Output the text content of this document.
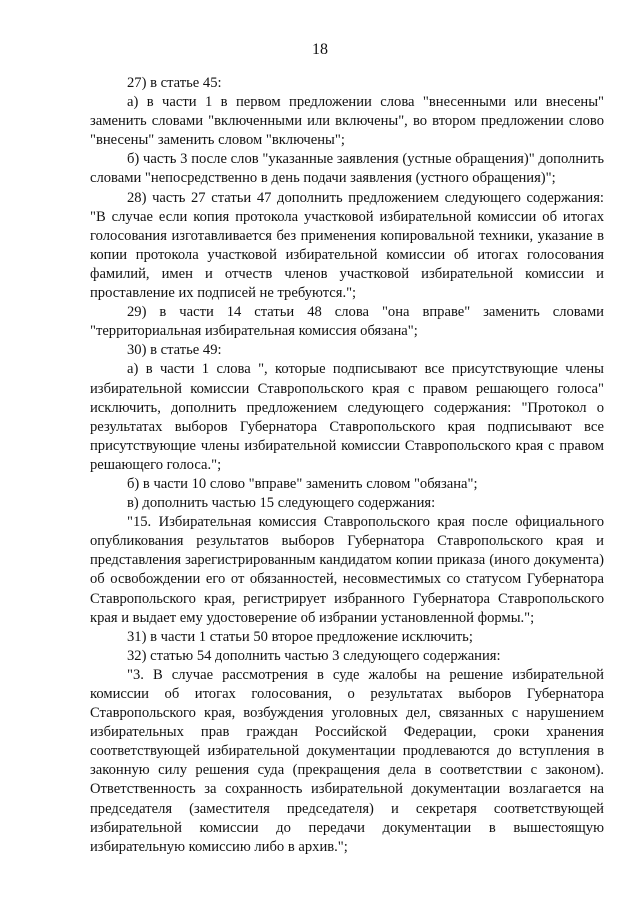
18

27) в статье 45:

а) в части 1 в первом предложении слова "внесенными или внесены" заменить словами "включенными или включены", во втором предложении слово "внесены" заменить словом "включены";

б) часть 3 после слов "указанные заявления (устные обращения)" дополнить словами "непосредственно в день подачи заявления (устного обращения)";

28) часть 27 статьи 47 дополнить предложением следующего содержания: "В случае если копия протокола участковой избирательной комиссии об итогах голосования изготавливается без применения копировальной техники, указание в копии протокола участковой избирательной комиссии об итогах голосования фамилий, имен и отчеств членов участковой избирательной комиссии и проставление их подписей не требуются.";

29) в части 14 статьи 48 слова "она вправе" заменить словами "территориальная избирательная комиссия обязана";

30) в статье 49:

а) в части 1 слова ", которые подписывают все присутствующие члены избирательной комиссии Ставропольского края с правом решающего голоса" исключить, дополнить предложением следующего содержания: "Протокол о результатах выборов Губернатора Ставропольского края подписывают все присутствующие члены избирательной комиссии Ставропольского края с правом решающего голоса.";

б) в части 10 слово "вправе" заменить словом "обязана";

в) дополнить частью 15 следующего содержания:

"15. Избирательная комиссия Ставропольского края после официального опубликования результатов выборов Губернатора Ставропольского края и представления зарегистрированным кандидатом копии приказа (иного документа) об освобождении его от обязанностей, несовместимых со статусом Губернатора Ставропольского края, регистрирует избранного Губернатора Ставропольского края и выдает ему удостоверение об избрании установленной формы.";

31) в части 1 статьи 50 второе предложение исключить;

32) статью 54 дополнить частью 3 следующего содержания:

"3. В случае рассмотрения в суде жалобы на решение избирательной комиссии об итогах голосования, о результатах выборов Губернатора Ставропольского края, возбуждения уголовных дел, связанных с нарушением избирательных прав граждан Российской Федерации, сроки хранения соответствующей избирательной документации продлеваются до вступления в законную силу решения суда (прекращения дела в соответствии с законом). Ответственность за сохранность избирательной документации возлагается на председателя (заместителя председателя) и секретаря соответствующей избирательной комиссии до передачи документации в вышестоящую избирательную комиссию либо в архив.";
